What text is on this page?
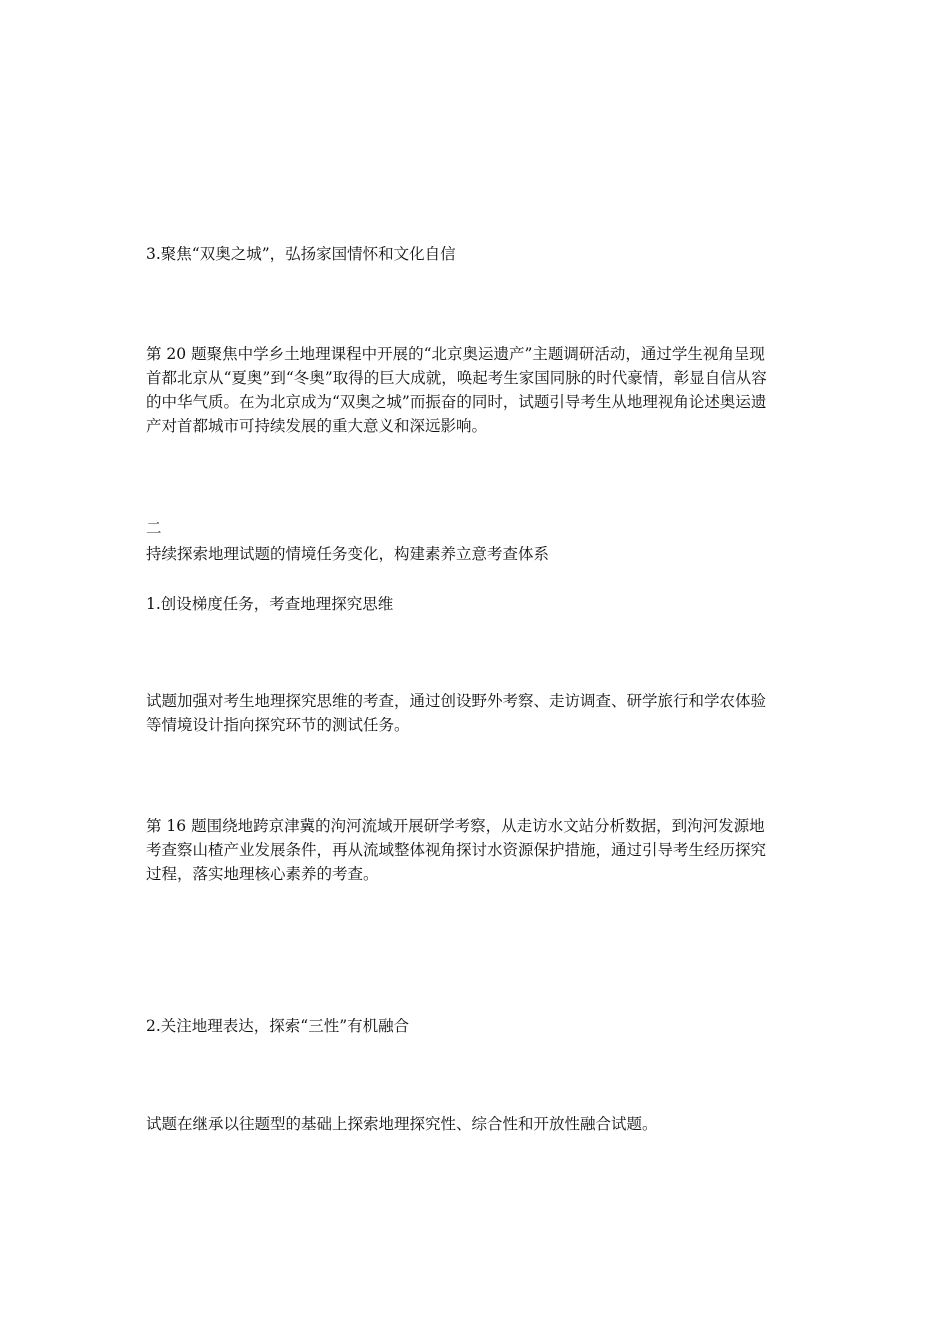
3.聚焦“双奥之城”，弘扬家国情怀和文化自信

第 20 题聚焦中学乡土地理课程中开展的“北京奥运遗产”主题调研活动，通过学生视角呈现
首都北京从“夏奥”到“冬奥”取得的巨大成就，唤起考生家国同脉的时代豪情，彰显自信从容
的中华气质。在为北京成为“双奥之城”而振奋的同时，试题引导考生从地理视角论述奥运遗
产对首都城市可持续发展的重大意义和深远影响。

二

持续探索地理试题的情境任务变化，构建素养立意考查体系

1.创设梯度任务，考查地理探究思维

试题加强对考生地理探究思维的考查，通过创设野外考察、走访调查、研学旅行和学农体验
等情境设计指向探究环节的测试任务。
第 16 题围绕地跨京津冀的泃河流域开展研学考察，从走访水文站分析数据，到泃河发源地
考查察山楂产业发展条件，再从流域整体视角探讨水资源保护措施，通过引导考生经历探究
过程，落实地理核心素养的考查。

2.关注地理表达，探索“三性”有机融合

试题在继承以往题型的基础上探索地理探究性、综合性和开放性融合试题。
